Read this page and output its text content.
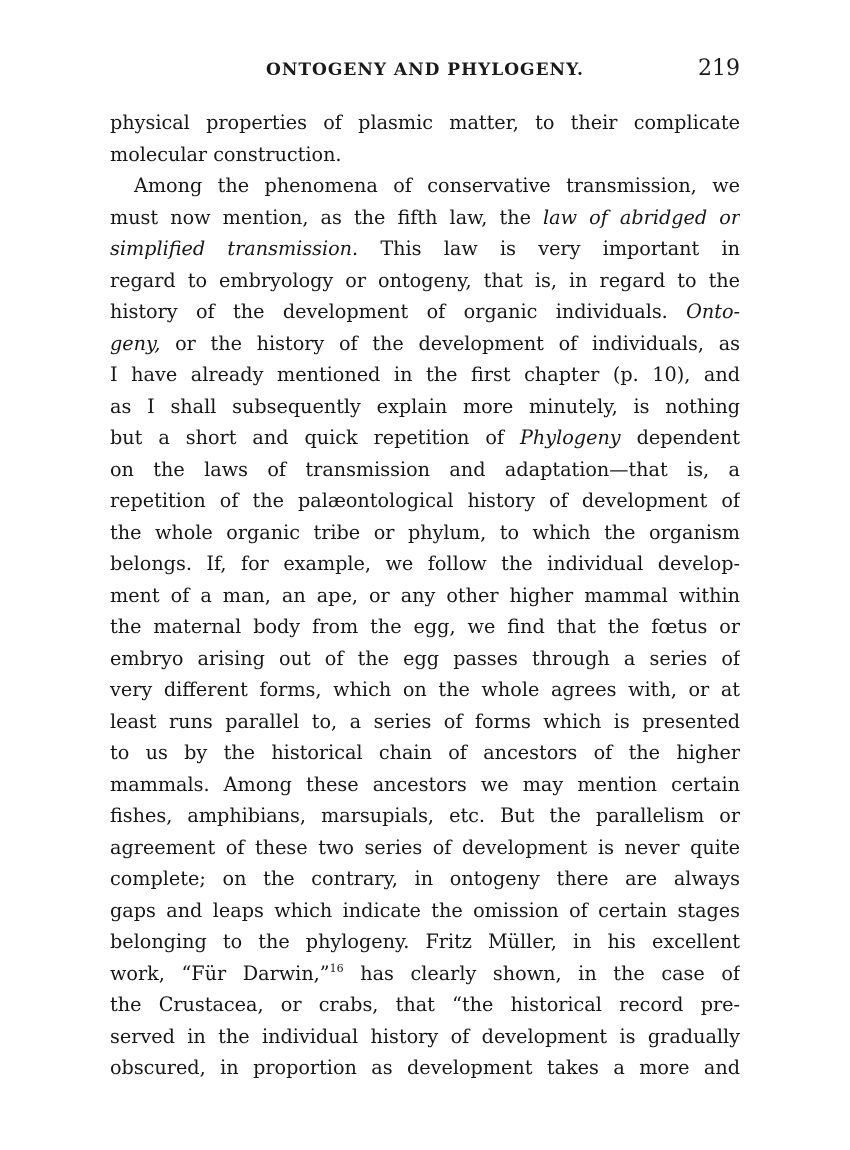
ONTOGENY AND PHYLOGENY.	219
physical properties of plasmic matter, to their complicate
molecular construction.
Among the phenomena of conservative transmission, we
must now mention, as the fifth law, the law of abridged or
simplified transmission. This law is very important in
regard to embryology or ontogeny, that is, in regard to the
history of the development of organic individuals. Onto-
geny, or the history of the development of individuals, as
I have already mentioned in the first chapter (p. 10), and
as I shall subsequently explain more minutely, is nothing
but a short and quick repetition of Phylogeny dependent
on the laws of transmission and adaptation—that is, a
repetition of the palæontological history of development of
the whole organic tribe or phylum, to which the organism
belongs. If, for example, we follow the individual develop-
ment of a man, an ape, or any other higher mammal within
the maternal body from the egg, we find that the fœtus or
embryo arising out of the egg passes through a series of
very different forms, which on the whole agrees with, or at
least runs parallel to, a series of forms which is presented
to us by the historical chain of ancestors of the higher
mammals. Among these ancestors we may mention certain
fishes, amphibians, marsupials, etc. But the parallelism or
agreement of these two series of development is never quite
complete; on the contrary, in ontogeny there are always
gaps and leaps which indicate the omission of certain stages
belonging to the phylogeny. Fritz Müller, in his excellent
work, “Für Darwin,”$^{16}$ has clearly shown, in the case of
the Crustacea, or crabs, that “the historical record pre-
served in the individual history of development is gradually
obscured, in proportion as development takes a more and
